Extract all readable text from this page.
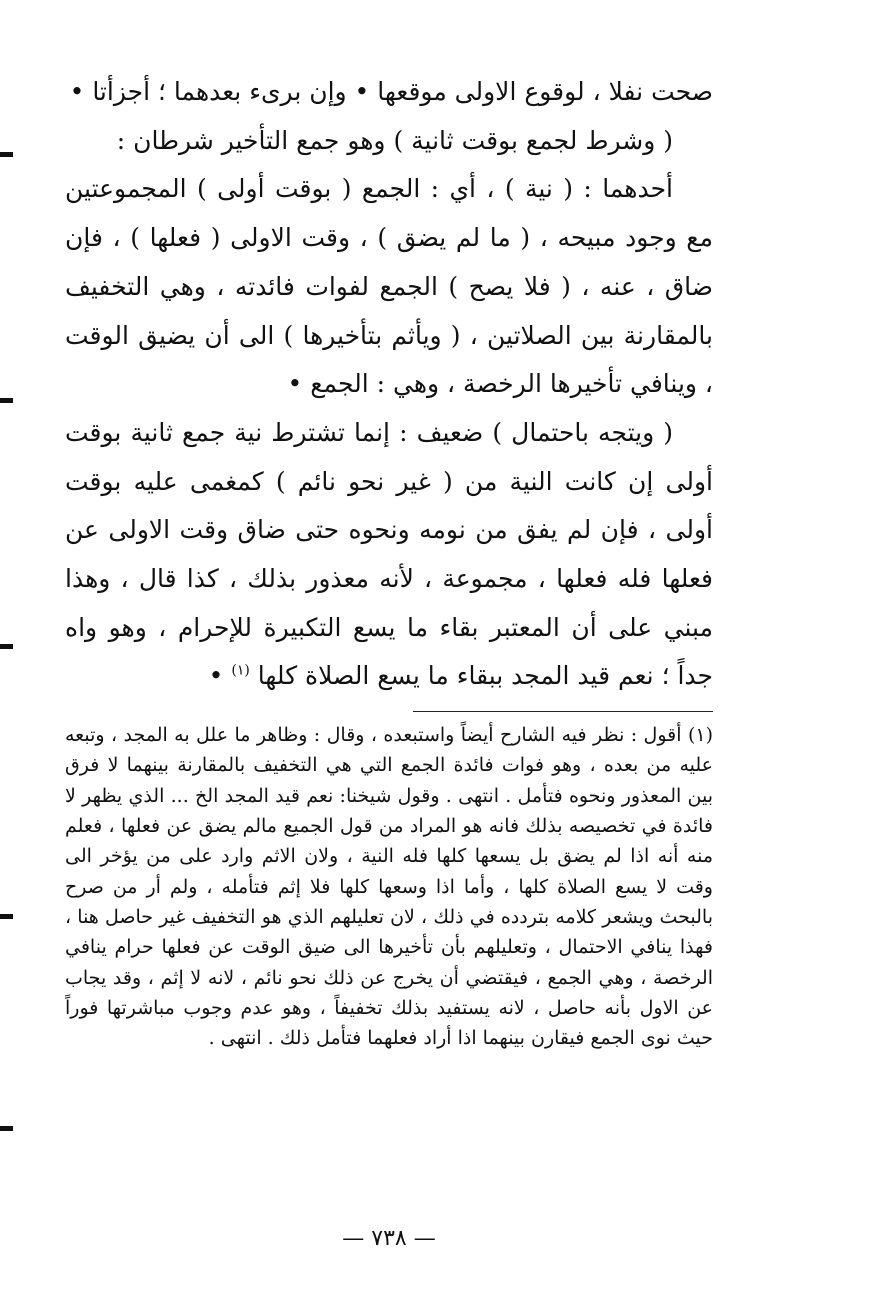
صحت نفلا ، لوقوع الاولى موقعها • وإن برىء بعدهما ؛ أجزأتا •

( وشرط لجمع بوقت ثانية ) وهو جمع التأخير شرطان :

أحدهما : ( نية ) ، أي : الجمع ( بوقت أولى ) المجموعتين مع وجود مبيحه ، ( ما لم يضق ) ، وقت الاولى ( فعلها ) ، فإن ضاق ، عنه ، ( فلا يصح ) الجمع لفوات فائدته ، وهي التخفيف بالمقارنة بين الصلاتين ، ( ويأثم بتأخيرها ) الى أن يضيق الوقت ، وينافي تأخيرها الرخصة ، وهي : الجمع •

( ويتجه باحتمال ) ضعيف : إنما تشترط نية جمع ثانية بوقت أولى إن كانت النية من ( غير نحو نائم ) كمغمى عليه بوقت أولى ، فإن لم يفق من نومه ونحوه حتى ضاق وقت الاولى عن فعلها فله فعلها ، مجموعة ، لأنه معذور بذلك ، كذا قال ، وهذا مبني على أن المعتبر بقاء ما يسع التكبيرة للإحرام ، وهو واه جداً ؛ نعم قيد المجد ببقاء ما يسع الصلاة كلها $^{(١)}$ •

(١) أقول : نظر فيه الشارح أيضاً واستبعده ، وقال : وظاهر ما علل به المجد ، وتبعه عليه من بعده ، وهو فوات فائدة الجمع التي هي التخفيف بالمقارنة بينهما لا فرق بين المعذور ونحوه فتأمل . انتهى . وقول شيخنا: نعم قيد المجد الخ ... الذي يظهر لا فائدة في تخصيصه بذلك فانه هو المراد من قول الجميع مالم يضق عن فعلها ، فعلم منه أنه اذا لم يضق بل يسعها كلها فله النية ، ولان الاثم وارد على من يؤخر الى وقت لا يسع الصلاة كلها ، وأما اذا وسعها كلها فلا إثم فتأمله ، ولم أر من صرح بالبحث ويشعر كلامه بتردده في ذلك ، لان تعليلهم الذي هو التخفيف غير حاصل هنا ، فهذا ينافي الاحتمال ، وتعليلهم بأن تأخيرها الى ضيق الوقت عن فعلها حرام ينافي الرخصة ، وهي الجمع ، فيقتضي أن يخرج عن ذلك نحو نائم ، لانه لا إثم ، وقد يجاب عن الاول بأنه حاصل ، لانه يستفيد بذلك تخفيفاً ، وهو عدم وجوب مباشرتها فوراً حيث نوى الجمع فيقارن بينهما اذا أراد فعلهما فتأمل ذلك . انتهى .

— ٧٣٨ —
